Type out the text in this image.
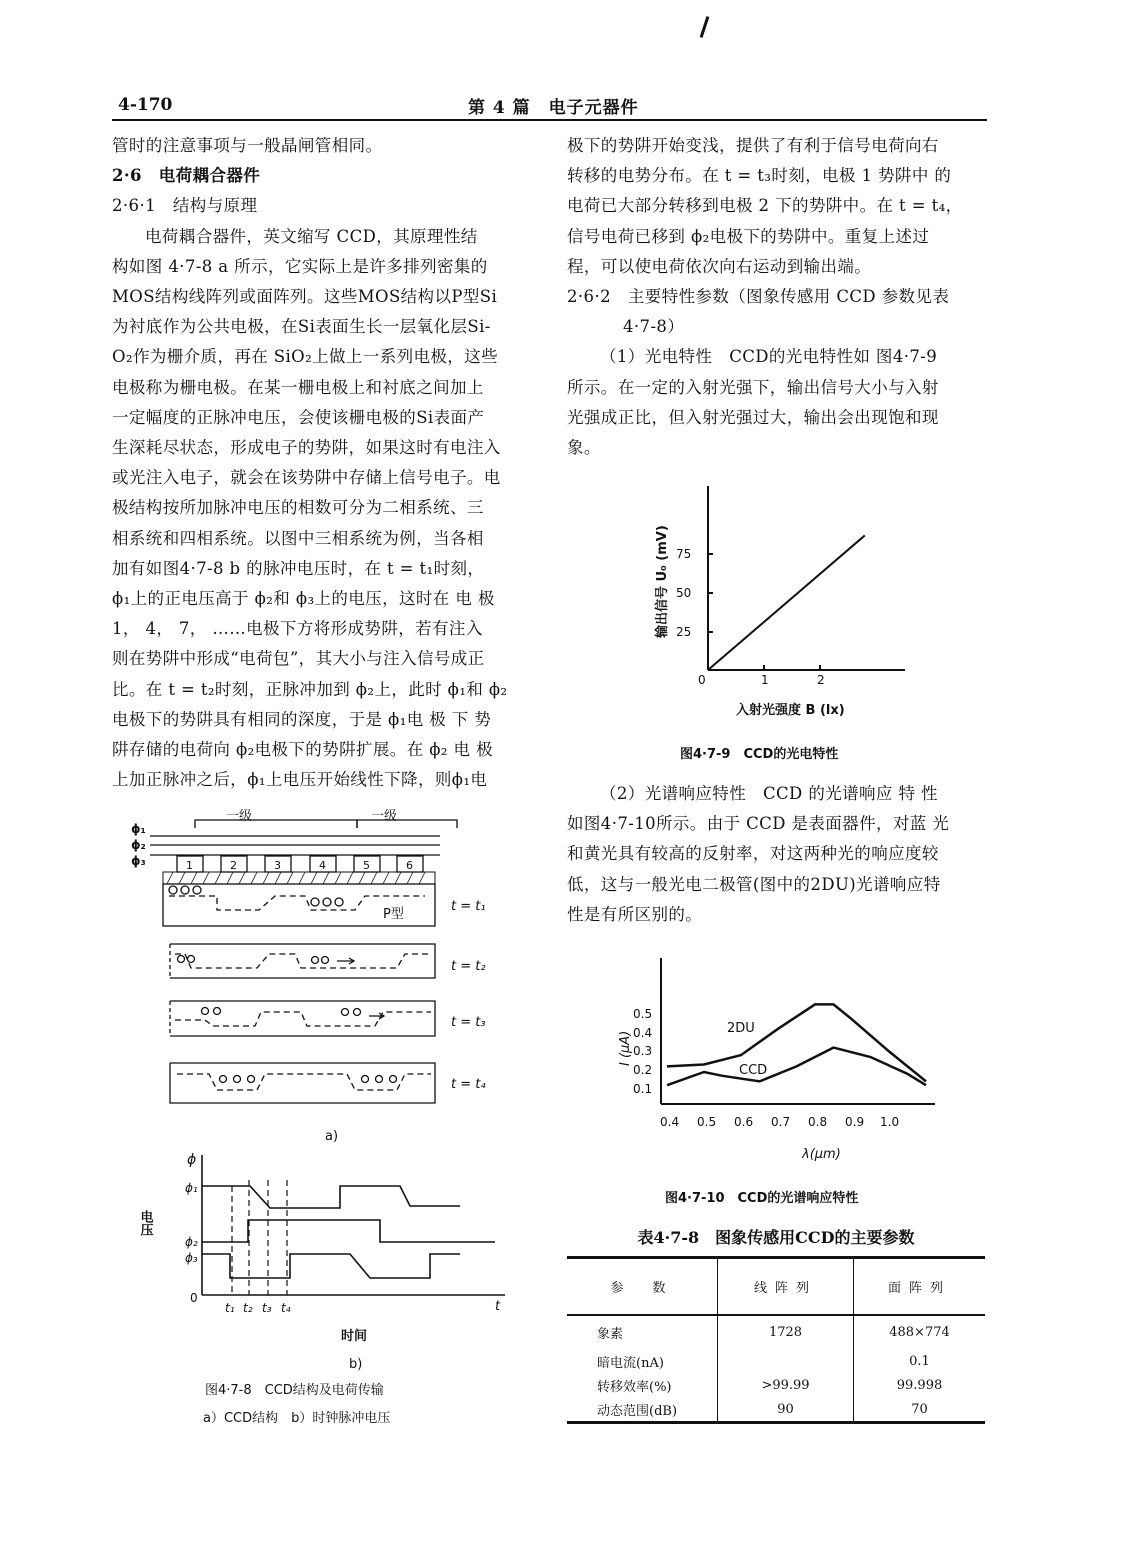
4-170	第 4 篇　电子元器件

管时的注意事项与一般晶闸管相同。

2·6　电荷耦合器件

2·6·1　结构与原理

电荷耦合器件，英文缩写 CCD，其原理性结

构如图 4·7-8 a 所示，它实际上是许多排列密集的

MOS结构线阵列或面阵列。这些MOS结构以P型Si

为衬底作为公共电极，在Si表面生长一层氧化层Si-

O₂作为栅介质，再在 SiO₂上做上一系列电极，这些

电极称为栅电极。在某一栅电极上和衬底之间加上

一定幅度的正脉冲电压，会使该栅电极的Si表面产

生深耗尽状态，形成电子的势阱，如果这时有电注入

或光注入电子，就会在该势阱中存储上信号电子。电

极结构按所加脉冲电压的相数可分为二相系统、三

相系统和四相系统。以图中三相系统为例，当各相

加有如图4·7-8 b 的脉冲电压时，在 t = t₁时刻，

ϕ₁上的正电压高于 ϕ₂和 ϕ₃上的电压，这时在 电 极

1， 4， 7， ……电极下方将形成势阱，若有注入

则在势阱中形成“电荷包”，其大小与注入信号成正

比。在 t = t₂时刻，正脉冲加到 ϕ₂上，此时 ϕ₁和 ϕ₂

电极下的势阱具有相同的深度，于是 ϕ₁电 极 下 势

阱存储的电荷向 ϕ₂电极下的势阱扩展。在 ϕ₂ 电 极

上加正脉冲之后，ϕ₁上电压开始线性下降，则ϕ₁电

极下的势阱开始变浅，提供了有利于信号电荷向右

转移的电势分布。在 t = t₃时刻，电极 1 势阱中 的

电荷已大部分转移到电极 2 下的势阱中。在 t = t₄，

信号电荷已移到 ϕ₂电极下的势阱中。重复上述过

程，可以使电荷依次向右运动到输出端。

2·6·2　主要特性参数（图象传感用 CCD 参数见表

4·7-8）

（1）光电特性　CCD的光电特性如 图4·7-9

所示。在一定的入射光强下，输出信号大小与入射

光强成正比，但入射光强过大，输出会出现饱和现

象。

（2）光谱响应特性　CCD 的光谱响应 特 性

如图4·7-10所示。由于 CCD 是表面器件，对蓝 光

和黄光具有较高的反射率，对这两种光的响应度较

低，这与一般光电二极管(图中的2DU)光谱响应特

性是有所区别的。

一级	一级
ϕ₁
ϕ₂
ϕ₃	1	2	3	4	5	6
P型
t = t₁
t = t₂
t = t₃
t = t₄
a)
电压
ϕ
ϕ₁
ϕ₂
ϕ₃
0
t₁ t₂ t₃ t₄	t
时间
b)
图4·7-8　CCD结构及电荷传输
a）CCD结构　b）时钟脉冲电压
25
50
75
0	1	2
输出信号 U₀ (mV)
入射光强度 B (lx)
图4·7-9　CCD的光电特性
I (μA)
0.1
0.2
0.3
0.4
0.5
0.4 0.5 0.6 0.7 0.8 0.9 1.0
2DU
CCD
λ(μm)
图4·7-10　CCD的光谱响应特性
表4·7-8　图象传感用CCD的主要参数
参　数	线阵列	面阵列
象素	1728	488×774
暗电流(nA)		0.1
转移效率(%)	>99.99	99.998
动态范围(dB)	90	70
